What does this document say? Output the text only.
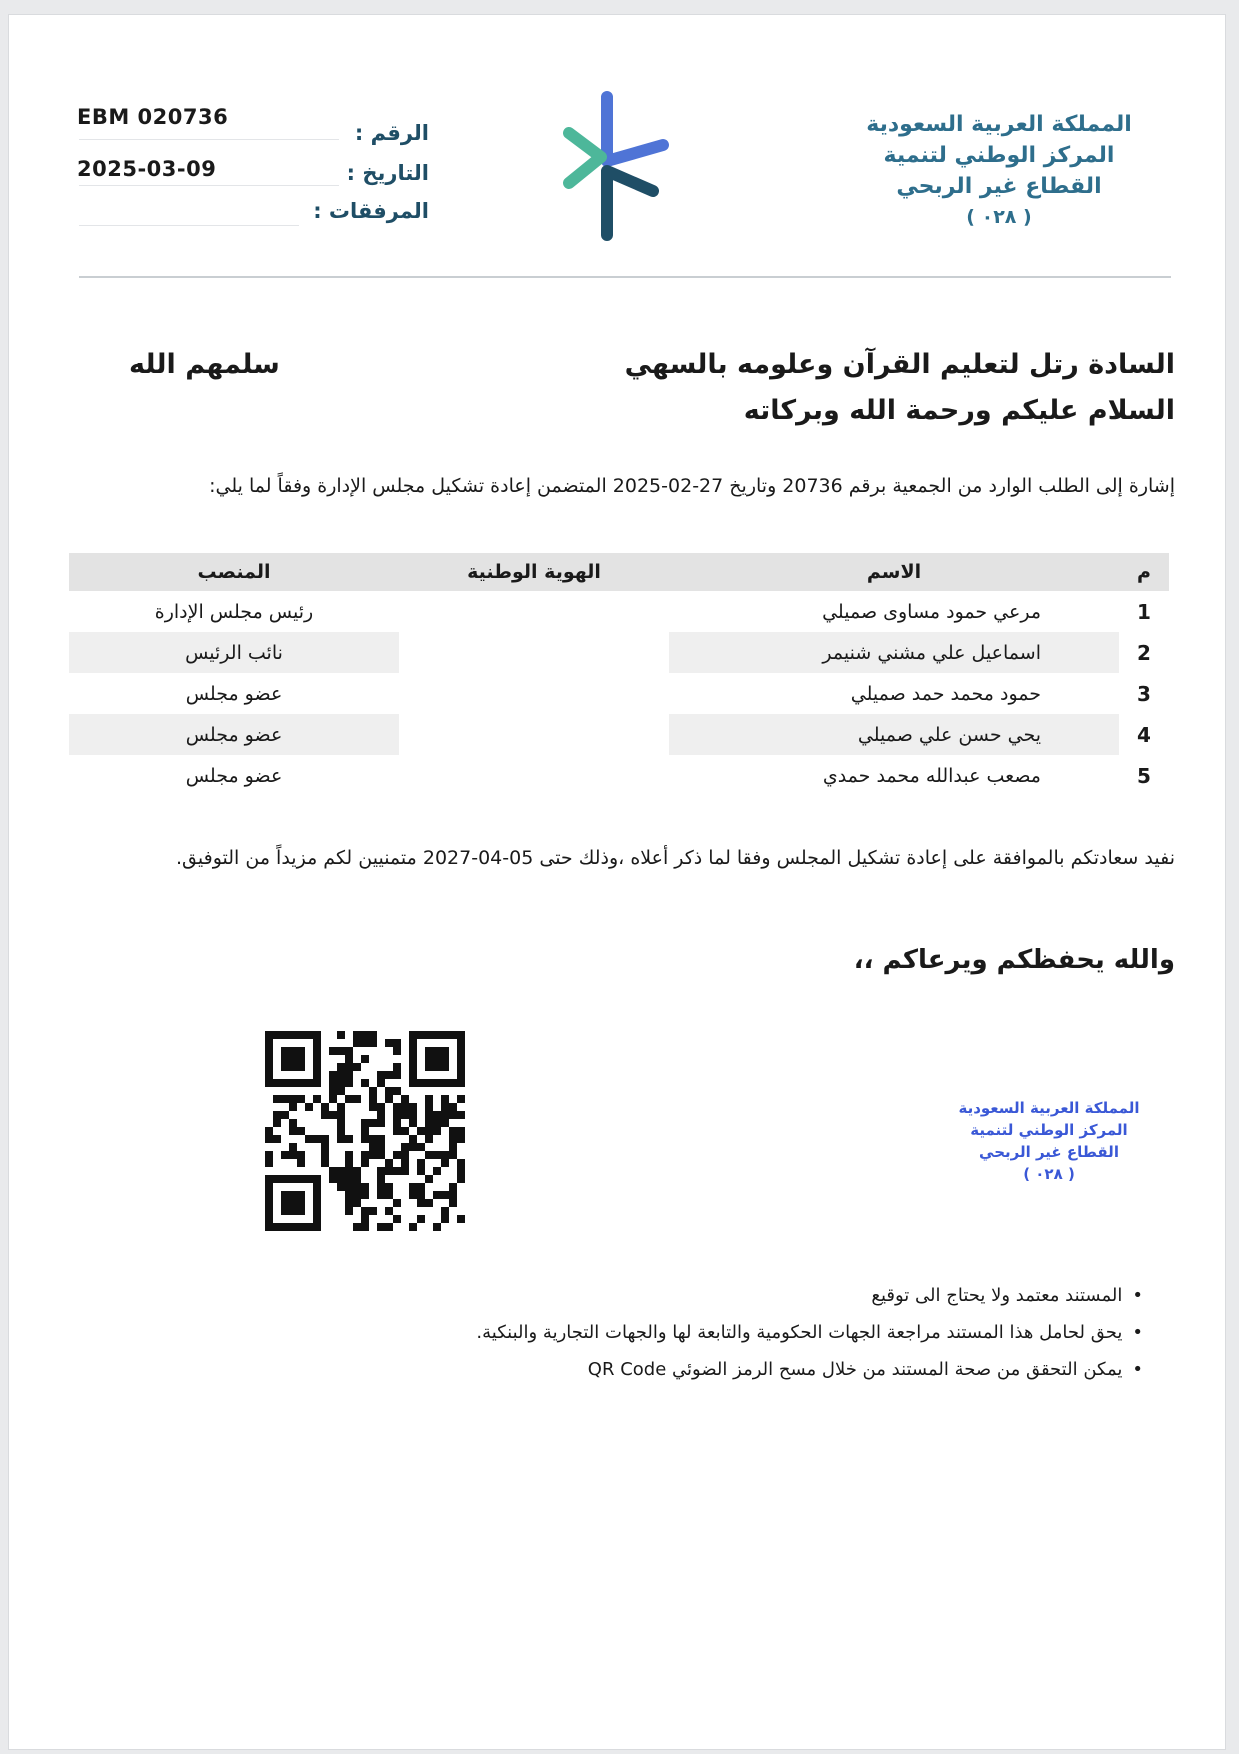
المملكة العربية السعودية
المركز الوطني لتنمية
القطاع غير الربحي
( ٠٢٨ )
EBM 020736
الرقم :
2025-03-09	التاريخ :
المرفقات :
السادة رتل لتعليم القرآن وعلومه بالسهي
سلمهم الله
السلام عليكم ورحمة الله وبركاته
إشارة إلى الطلب الوارد من الجمعية برقم 20736 وتاريخ 27-02-2025 المتضمن إعادة تشكيل مجلس الإدارة وفقاً لما يلي:
م	الاسم	الهوية الوطنية	المنصب
1	مرعي حمود مساوى صميلي		رئيس مجلس الإدارة
2	اسماعيل علي مشني شنيمر		نائب الرئيس
3	حمود محمد حمد صميلي		عضو مجلس
4	يحي حسن علي صميلي		عضو مجلس
5	مصعب عبدالله محمد حمدي		عضو مجلس
نفيد سعادتكم بالموافقة على إعادة تشكيل المجلس وفقا لما ذكر أعلاه ،وذلك حتى 05-04-2027 متمنيين لكم مزيداً من التوفيق.
والله يحفظكم ويرعاكم ،،
المملكة العربية السعودية
المركز الوطني لتنمية
القطاع غير الربحي
( ٠٢٨ )
• المستند معتمد ولا يحتاج الى توقيع
• يحق لحامل هذا المستند مراجعة الجهات الحكومية والتابعة لها والجهات التجارية والبنكية.
• يمكن التحقق من صحة المستند من خلال مسح الرمز الضوئي QR Code
